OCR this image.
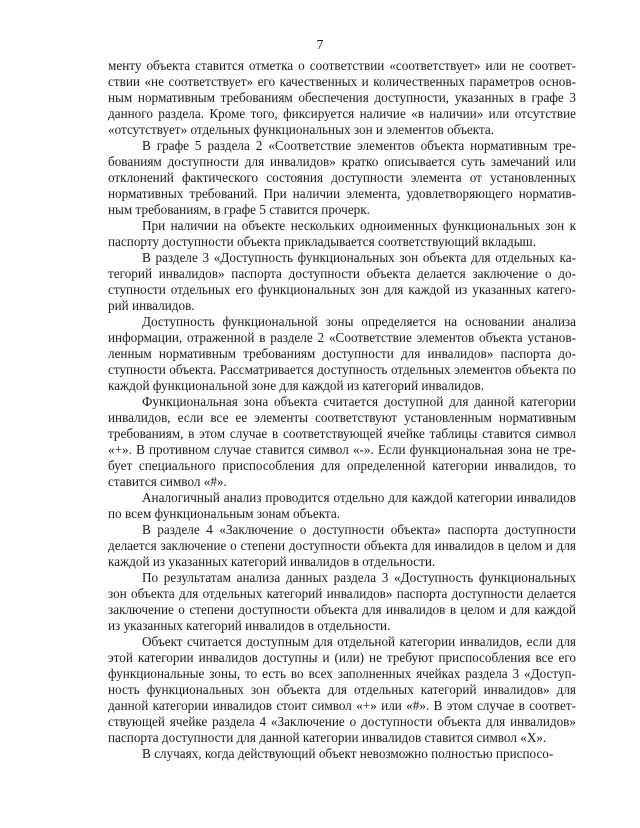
7

менту объекта ставится отметка о соответствии «соответствует» или не соответствии «не соответствует» его качественных и количественных параметров основным нормативным требованиям обеспечения доступности, указанных в графе 3 данного раздела. Кроме того, фиксируется наличие «в наличии» или отсутствие «отсутствует» отдельных функциональных зон и элементов объекта.

В графе 5 раздела 2 «Соответствие элементов объекта нормативным требованиям доступности для инвалидов» кратко описывается суть замечаний или отклонений фактического состояния доступности элемента от установленных нормативных требований. При наличии элемента, удовлетворяющего нормативным требованиям, в графе 5 ставится прочерк.

При наличии на объекте нескольких одноименных функциональных зон к паспорту доступности объекта прикладывается соответствующий вкладыш.

В разделе 3 «Доступность функциональных зон объекта для отдельных категорий инвалидов» паспорта доступности объекта делается заключение о доступности отдельных его функциональных зон для каждой из указанных категорий инвалидов.

Доступность функциональной зоны определяется на основании анализа информации, отраженной в разделе 2 «Соответствие элементов объекта установленным нормативным требованиям доступности для инвалидов» паспорта доступности объекта. Рассматривается доступность отдельных элементов объекта по каждой функциональной зоне для каждой из категорий инвалидов.

Функциональная зона объекта считается доступной для данной категории инвалидов, если все ее элементы соответствуют установленным нормативным требованиям, в этом случае в соответствующей ячейке таблицы ставится символ «+». В противном случае ставится символ «-». Если функциональная зона не требует специального приспособления для определенной категории инвалидов, то ставится символ «#».

Аналогичный анализ проводится отдельно для каждой категории инвалидов по всем функциональным зонам объекта.

В разделе 4 «Заключение о доступности объекта» паспорта доступности делается заключение о степени доступности объекта для инвалидов в целом и для каждой из указанных категорий инвалидов в отдельности.

По результатам анализа данных раздела 3 «Доступность функциональных зон объекта для отдельных категорий инвалидов» паспорта доступности делается заключение о степени доступности объекта для инвалидов в целом и для каждой из указанных категорий инвалидов в отдельности.

Объект считается доступным для отдельной категории инвалидов, если для этой категории инвалидов доступны и (или) не требуют приспособления все его функциональные зоны, то есть во всех заполненных ячейках раздела 3 «Доступность функциональных зон объекта для отдельных категорий инвалидов» для данной категории инвалидов стоит символ «+» или «#». В этом случае в соответствующей ячейке раздела 4 «Заключение о доступности объекта для инвалидов» паспорта доступности для данной категории инвалидов ставится символ «Х».

В случаях, когда действующий объект невозможно полностью приспосо-
